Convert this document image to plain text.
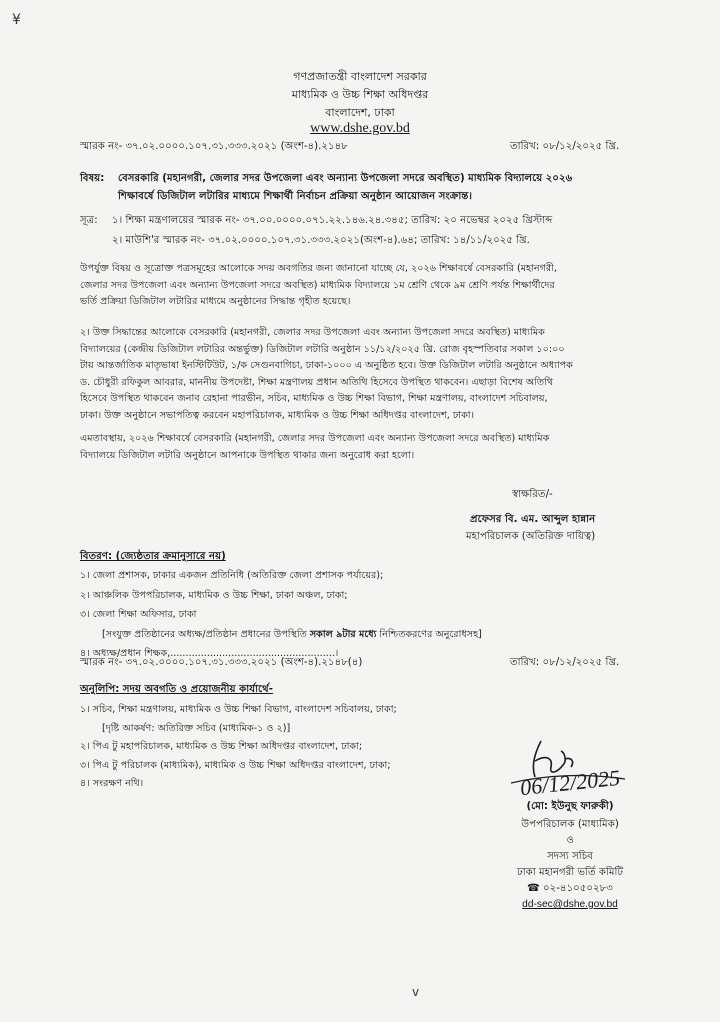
¥
গণপ্রজাতন্ত্রী বাংলাদেশ সরকার
মাধ্যমিক ও উচ্চ শিক্ষা অধিদপ্তর
বাংলাদেশ, ঢাকা
www.dshe.gov.bd
স্মারক নং- ৩৭.০২.০০০০.১০৭.৩১.৩৩৩.২০২১ (অংশ-৪).২১৪৮	তারিখ: ০৮/১২/২০২৫ খ্রি.
বিষয়: বেসরকারি (মহানগরী, জেলার সদর উপজেলা এবং অন্যান্য উপজেলা সদরে অবস্থিত) মাধ্যমিক বিদ্যালয়ে ২০২৬
শিক্ষাবর্ষে ডিজিটাল লটারির মাধ্যমে শিক্ষার্থী নির্বাচন প্রক্রিয়া অনুষ্ঠান আয়োজন সংক্রান্ত।
সূত্র: ১। শিক্ষা মন্ত্রণালয়ের স্মারক নং- ৩৭.০০.০০০০.০৭১.২২.১৪৬.২৪.৩৪৫; তারিখ: ২০ নভেম্বর ২০২৫ খ্রিস্টাব্দ
২। মাউশি'র স্মারক নং- ৩৭.০২.০০০০.১০৭.৩১.৩৩৩.২০২১(অংশ-৪).৬৪; তারিখ: ১৪/১১/২০২৫ খ্রি.
উপর্যুক্ত বিষয় ও সূত্রোক্ত পত্রসমূহের আলোকে সদয় অবগতির জন্য জানানো যাচ্ছে যে, ২০২৬ শিক্ষাবর্ষে বেসরকারি (মহানগরী,
জেলার সদর উপজেলা এবং অন্যান্য উপজেলা সদরে অবস্থিত) মাধ্যমিক বিদ্যালয়ে ১ম শ্রেণি থেকে ৯ম শ্রেণি পর্যন্ত শিক্ষার্থীদের
ভর্তি প্রক্রিয়া ডিজিটাল লটারির মাধ্যমে অনুষ্ঠানের সিদ্ধান্ত গৃহীত হয়েছে।
২। উক্ত সিদ্ধান্তের আলোকে বেসরকারি (মহানগরী, জেলার সদর উপজেলা এবং অন্যান্য উপজেলা সদরে অবস্থিত) মাধ্যমিক
বিদ্যালয়ের (কেন্দ্রীয় ডিজিটাল লটারির অন্তর্ভুক্ত) ডিজিটাল লটারি অনুষ্ঠান ১১/১২/২০২৫ খ্রি. রোজ বৃহস্পতিবার সকাল ১০:০০
টায় আন্তর্জাতিক মাতৃভাষা ইনস্টিটিউট, ১/ক সেগুনবাগিচা, ঢাকা-১০০০ এ অনুষ্ঠিত হবে। উক্ত ডিজিটাল লটারি অনুষ্ঠানে অধ্যাপক
ড. চৌধুরী রফিকুল আবরার, মাননীয় উপদেষ্টা, শিক্ষা মন্ত্রণালয় প্রধান অতিথি হিসেবে উপস্থিত থাকবেন। এছাড়া বিশেষ অতিথি
হিসেবে উপস্থিত থাকবেন জনাব রেহানা পারভীন, সচিব, মাধ্যমিক ও উচ্চ শিক্ষা বিভাগ, শিক্ষা মন্ত্রণালয়, বাংলাদেশ সচিবালয়,
ঢাকা। উক্ত অনুষ্ঠানে সভাপতিত্ব করবেন মহাপরিচালক, মাধ্যমিক ও উচ্চ শিক্ষা অধিদপ্তর বাংলাদেশ, ঢাকা।
এমতাবস্থায়, ২০২৬ শিক্ষাবর্ষে বেসরকারি (মহানগরী, জেলার সদর উপজেলা এবং অন্যান্য উপজেলা সদরে অবস্থিত) মাধ্যমিক
বিদ্যালয়ে ডিজিটাল লটারি অনুষ্ঠানে আপনাকে উপস্থিত থাকার জন্য অনুরোধ করা হলো।
স্বাক্ষরিত/-
প্রফেসর বি. এম. আব্দুল হান্নান
মহাপরিচালক (অতিরিক্ত দায়িত্ব)
বিতরণ: (জ্যেষ্ঠতার ক্রমানুসারে নয়)
১। জেলা প্রশাসক, ঢাকার একজন প্রতিনিধি (অতিরিক্ত জেলা প্রশাসক পর্যায়ের);
২। আঞ্চলিক উপপরিচালক, মাধ্যমিক ও উচ্চ শিক্ষা, ঢাকা অঞ্চল, ঢাকা;
৩। জেলা শিক্ষা অফিসার, ঢাকা
[সংযুক্ত প্রতিষ্ঠানের অধ্যক্ষ/প্রতিষ্ঠান প্রধানের উপস্থিতি সকাল ৯টার মধ্যে নিশ্চিতকরণের অনুরোধসহ]
৪। অধ্যক্ষ/প্রধান শিক্ষক,......................................................।
স্মারক নং- ৩৭.০২.০০০০.১০৭.৩১.৩৩৩.২০২১ (অংশ-৪).২১৪৮(৪)	তারিখ: ০৮/১২/২০২৫ খ্রি.
অনুলিপি: সদয় অবগতি ও প্রয়োজনীয় কার্যার্থে-
১। সচিব, শিক্ষা মন্ত্রণালয়, মাধ্যমিক ও উচ্চ শিক্ষা বিভাগ, বাংলাদেশ সচিবালয়, ঢাকা;
[দৃষ্টি আকর্ষণ: অতিরিক্ত সচিব (মাধ্যমিক-১ ও ২)]
২। পিএ টু মহাপরিচালক, মাধ্যমিক ও উচ্চ শিক্ষা অধিদপ্তর বাংলাদেশ, ঢাকা;
৩। পিএ টু পরিচালক (মাধ্যমিক), মাধ্যমিক ও উচ্চ শিক্ষা অধিদপ্তর বাংলাদেশ, ঢাকা;
৪। সংরক্ষণ নথি।	06/12/2025
(মো: ইউনুছ ফারুকী)
উপপরিচালক (মাধ্যমিক)
ও
সদস্য সচিব
ঢাকা মহানগরী ভর্তি কমিটি
☎ ০২-৪১০৫০২৮৩
dd-sec@dshe.gov.bd
v
